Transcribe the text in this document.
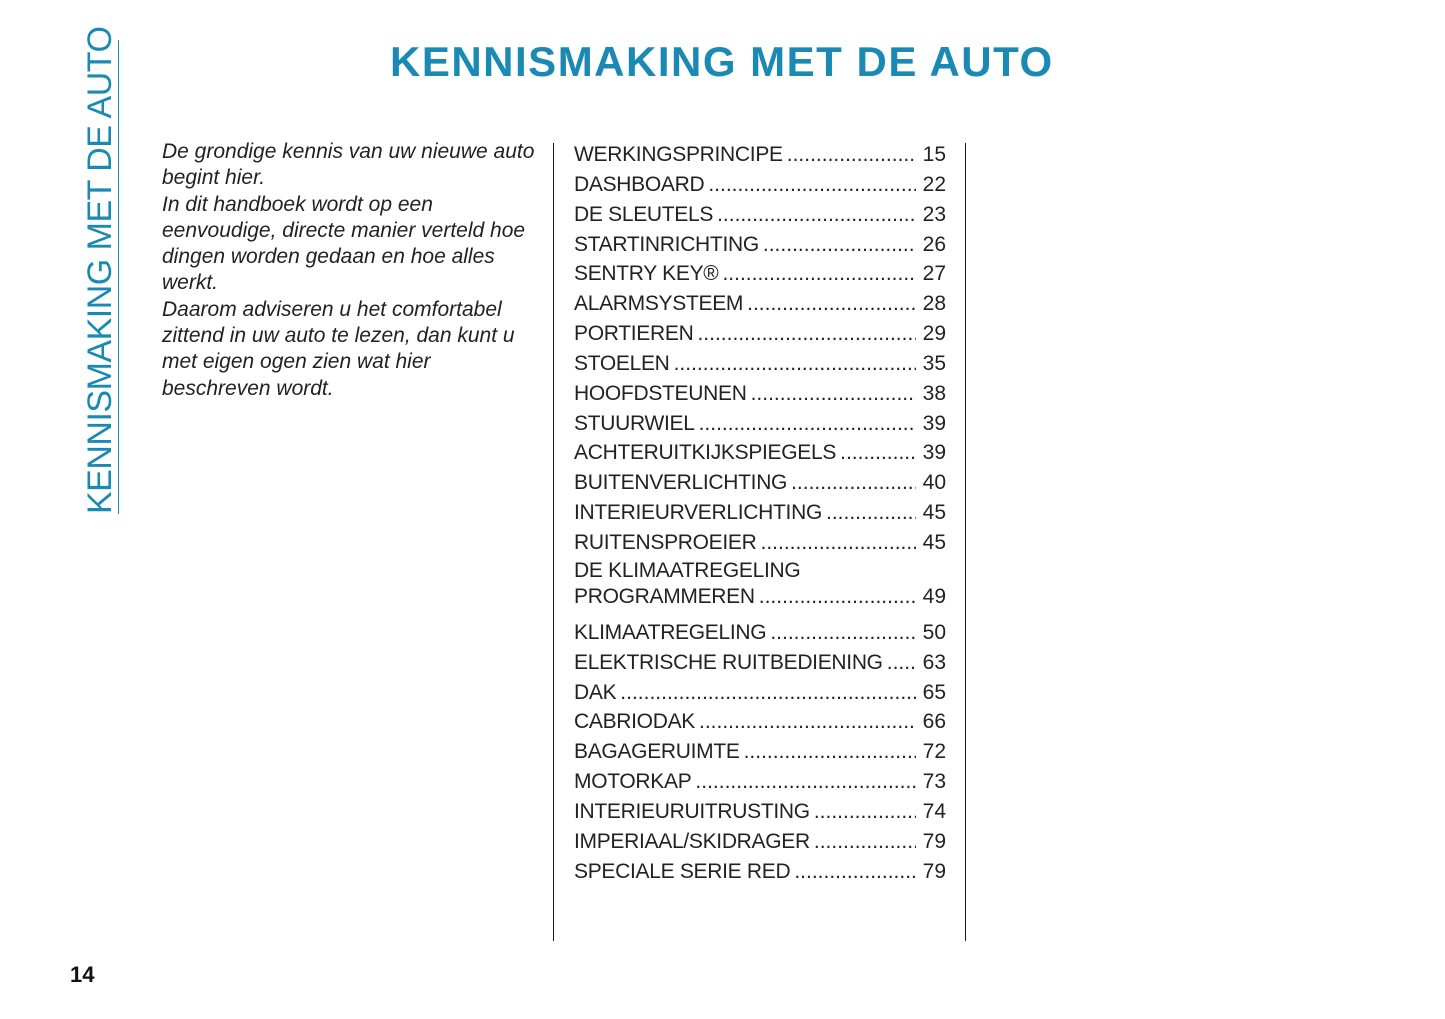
KENNISMAKING MET DE AUTO	KENNISMAKING MET DE AUTO

De grondige kennis van uw nieuwe auto begint hier.

In dit handboek wordt op een eenvoudige, directe manier verteld hoe dingen worden gedaan en hoe alles werkt.

Daarom adviseren u het comfortabel zittend in uw auto te lezen, dan kunt u met eigen ogen zien wat hier beschreven wordt.

WERKINGSPRINCIPE .....	15
DASHBOARD .....	22
DE SLEUTELS .....	23
STARTINRICHTING .....	26
SENTRY KEY® .....	27
ALARMSYSTEEM .....	28
PORTIEREN .....	29
STOELEN .....	35
HOOFDSTEUNEN .....	38
STUURWIEL .....	39
ACHTERUITKIJKSPIEGELS .....	39
BUITENVERLICHTING .....	40
INTERIEURVERLICHTING .....	45
RUITENSPROEIER .....	45
DE KLIMAATREGELING
PROGRAMMEREN .....	49
KLIMAATREGELING .....	50
ELEKTRISCHE RUITBEDIENING ..... 63
DAK .....	65
CABRIODAK .....	66
BAGAGERUIMTE .....	72
MOTORKAP .....	73
INTERIEURUITRUSTING .....	74
IMPERIAAL/SKIDRAGER .....	79
SPECIALE SERIE RED .....	79
14
